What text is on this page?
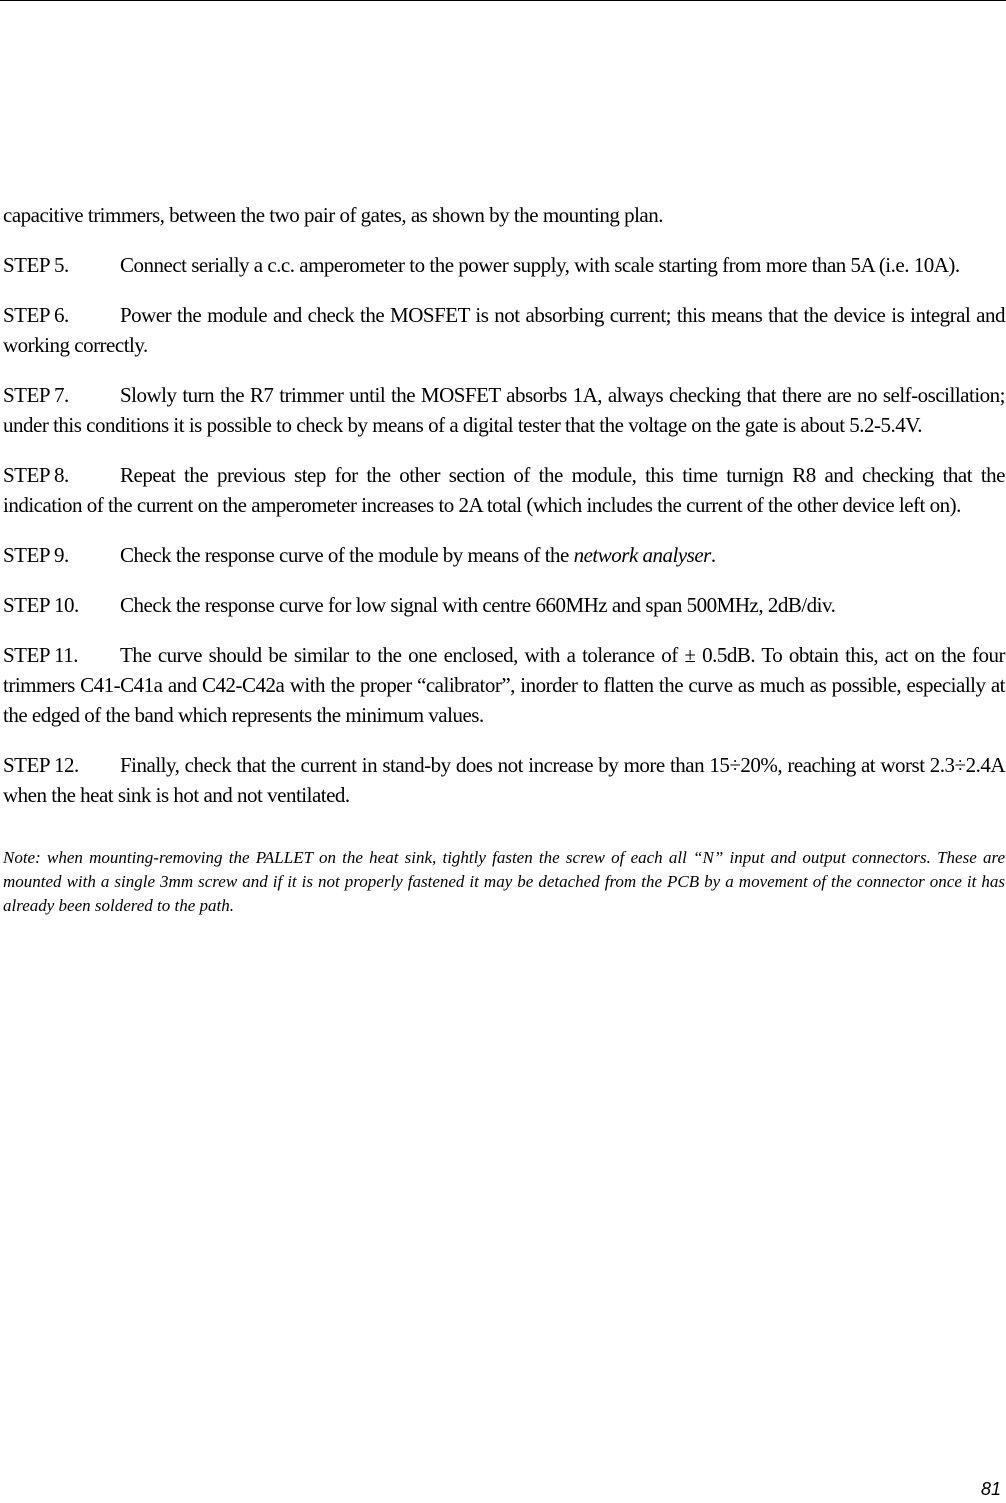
capacitive trimmers, between the two pair of gates, as shown by the mounting plan.

STEP 5. Connect serially a c.c. amperometer to the power supply, with scale starting from more than 5A (i.e. 10A).

STEP 6. Power the module and check the MOSFET is not absorbing current; this means that the device is integral and working correctly.

STEP 7. Slowly turn the R7 trimmer until the MOSFET absorbs 1A, always checking that there are no self-oscillation; under this conditions it is possible to check by means of a digital tester that the voltage on the gate is about 5.2-5.4V.

STEP 8. Repeat the previous step for the other section of the module, this time turnign R8 and checking that the indication of the current on the amperometer increases to 2A total (which includes the current of the other device left on).

STEP 9. Check the response curve of the module by means of the network analyser.

STEP 10. Check the response curve for low signal with centre 660MHz and span 500MHz, 2dB/div.

STEP 11. The curve should be similar to the one enclosed, with a tolerance of ± 0.5dB. To obtain this, act on the four trimmers C41-C41a and C42-C42a with the proper “calibrator”, inorder to flatten the curve as much as possible, especially at the edged of the band which represents the minimum values.

STEP 12. Finally, check that the current in stand-by does not increase by more than 15÷20%, reaching at worst 2.3÷2.4A when the heat sink is hot and not ventilated.

Note: when mounting-removing the PALLET on the heat sink, tightly fasten the screw of each all “N” input and output connectors. These are mounted with a single 3mm screw and if it is not properly fastened it may be detached from the PCB by a movement of the connector once it has already been soldered to the path.

81
